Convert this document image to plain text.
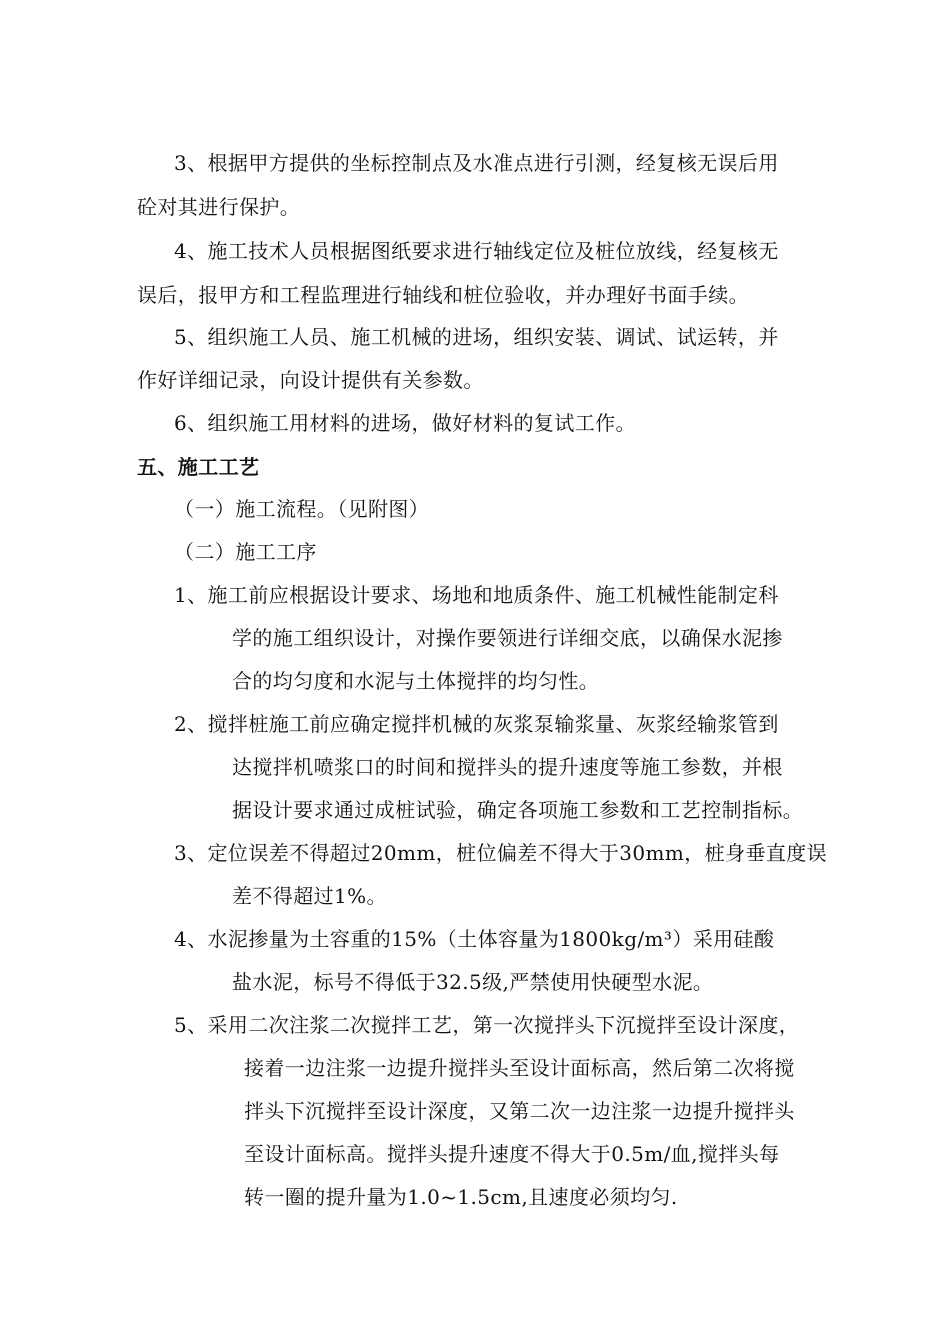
3、根据甲方提供的坐标控制点及水准点进行引测，经复核无误后用
砼对其进行保护。
4、施工技术人员根据图纸要求进行轴线定位及桩位放线，经复核无
误后，报甲方和工程监理进行轴线和桩位验收，并办理好书面手续。
5、组织施工人员、施工机械的进场，组织安装、调试、试运转，并
作好详细记录，向设计提供有关参数。
6、组织施工用材料的进场，做好材料的复试工作。
五、施工工艺
（一）施工流程。（见附图）
（二）施工工序
1、施工前应根据设计要求、场地和地质条件、施工机械性能制定科
学的施工组织设计，对操作要领进行详细交底，以确保水泥掺
合的均匀度和水泥与土体搅拌的均匀性。
2、搅拌桩施工前应确定搅拌机械的灰浆泵输浆量、灰浆经输浆管到
达搅拌机喷浆口的时间和搅拌头的提升速度等施工参数，并根
据设计要求通过成桩试验，确定各项施工参数和工艺控制指标。
3、定位误差不得超过20mm，桩位偏差不得大于30mm，桩身垂直度误
差不得超过1%。
4、水泥掺量为土容重的15%（土体容量为1800kg/m³）采用硅酸
盐水泥，标号不得低于32.5级,严禁使用快硬型水泥。
5、采用二次注浆二次搅拌工艺，第一次搅拌头下沉搅拌至设计深度，
接着一边注浆一边提升搅拌头至设计面标高，然后第二次将搅
拌头下沉搅拌至设计深度，又第二次一边注浆一边提升搅拌头
至设计面标高。搅拌头提升速度不得大于0.5m/血,搅拌头每
转一圈的提升量为1.0~1.5cm,且速度必须均匀.
